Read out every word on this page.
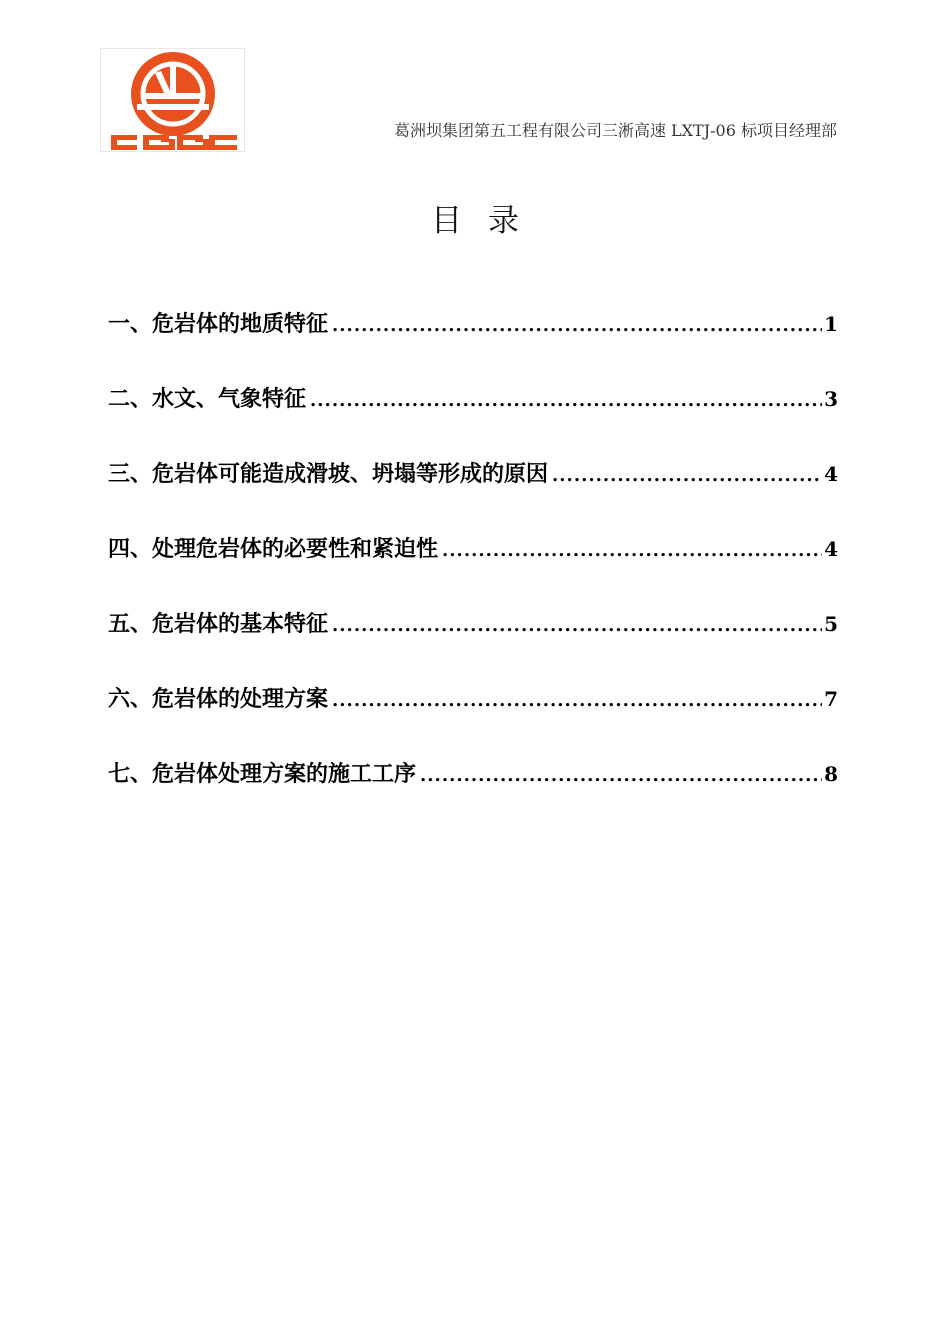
葛洲坝集团第五工程有限公司三淅高速 LXTJ-06 标项目经理部
目录
一、危岩体的地质特征 .....	1
二、水文、气象特征 .....	3
三、危岩体可能造成滑坡、坍塌等形成的原因 .....	4
四、处理危岩体的必要性和紧迫性 .....	4
五、危岩体的基本特征 .....	5
六、危岩体的处理方案 .....	7
七、危岩体处理方案的施工工序 .....	8
